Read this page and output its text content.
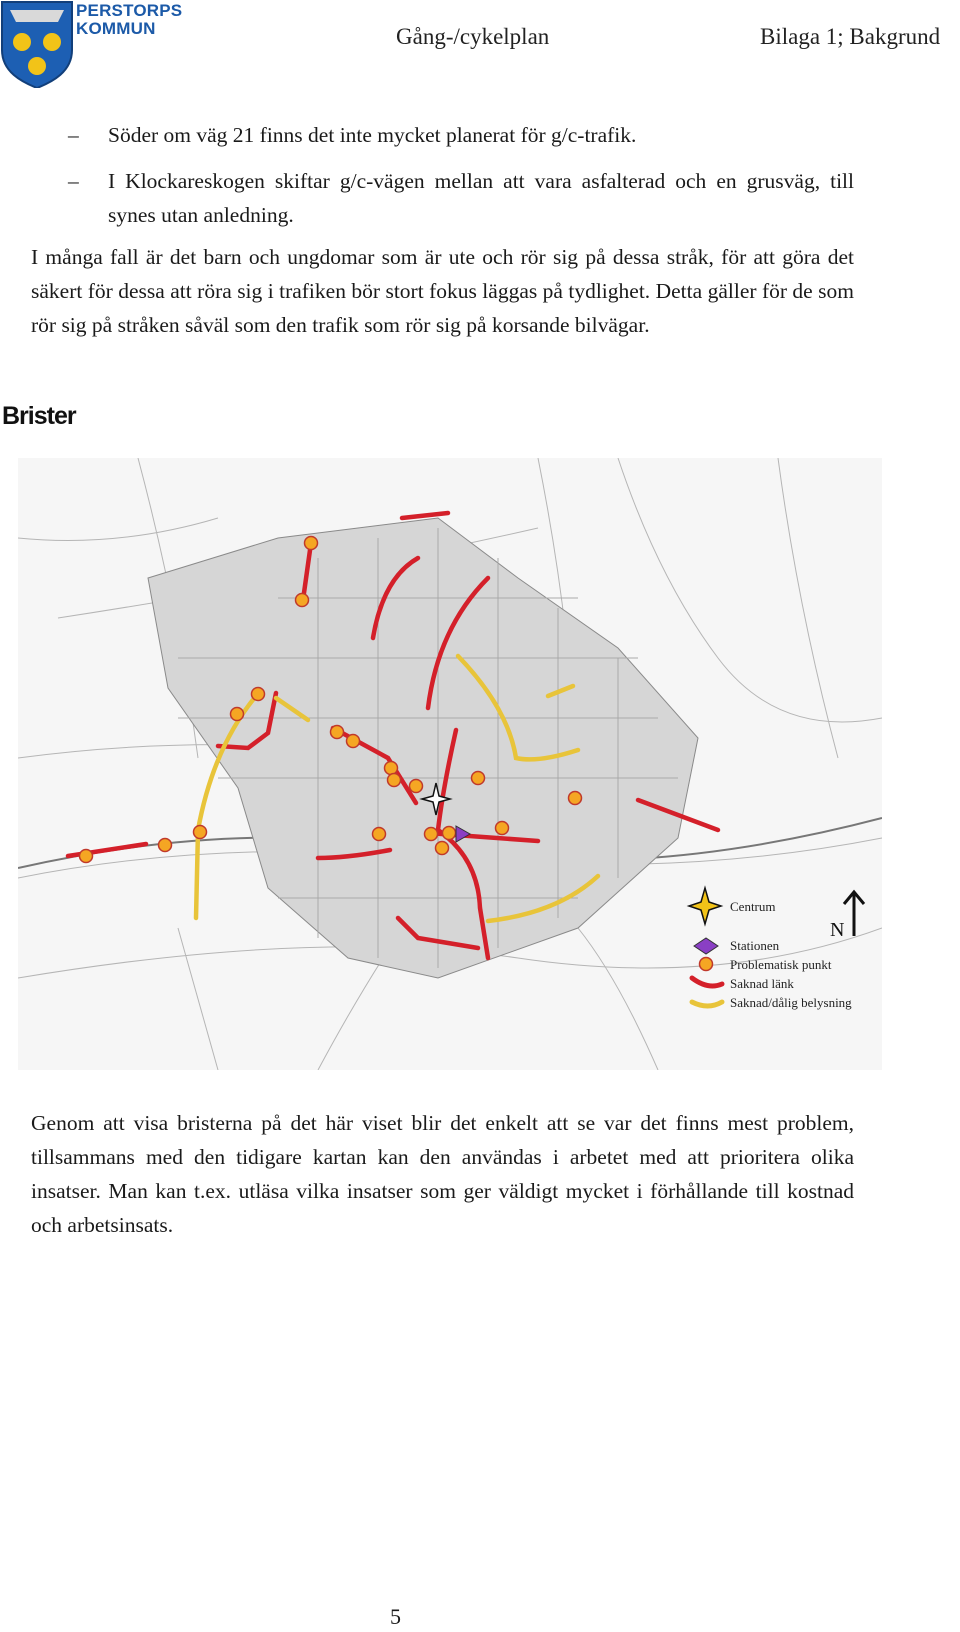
PERSTORPS
KOMMUN	Gång-/cykelplan	Bilaga 1; Bakgrund
– Söder om väg 21 finns det inte mycket planerat för g/c-trafik.
– I Klockareskogen skiftar g/c-vägen mellan att vara asfalterad och en grusväg, till synes utan anledning.

I många fall är det barn och ungdomar som är ute och rör sig på dessa stråk, för att göra det säkert för dessa att röra sig i trafiken bör stort fokus läggas på tydlighet. Detta gäller för de som rör sig på stråken såväl som den trafik som rör sig på korsande bilvägar.

Brister
Centrum
Stationen
Problematisk punkt
Saknad länk
Saknad/dålig belysning
N

Genom att visa bristerna på det här viset blir det enkelt att se var det finns mest problem, tillsammans med den tidigare kartan kan den användas i arbetet med att prioritera olika insatser. Man kan t.ex. utläsa vilka insatser som ger väldigt mycket i förhållande till kostnad och arbetsinsats.

5
